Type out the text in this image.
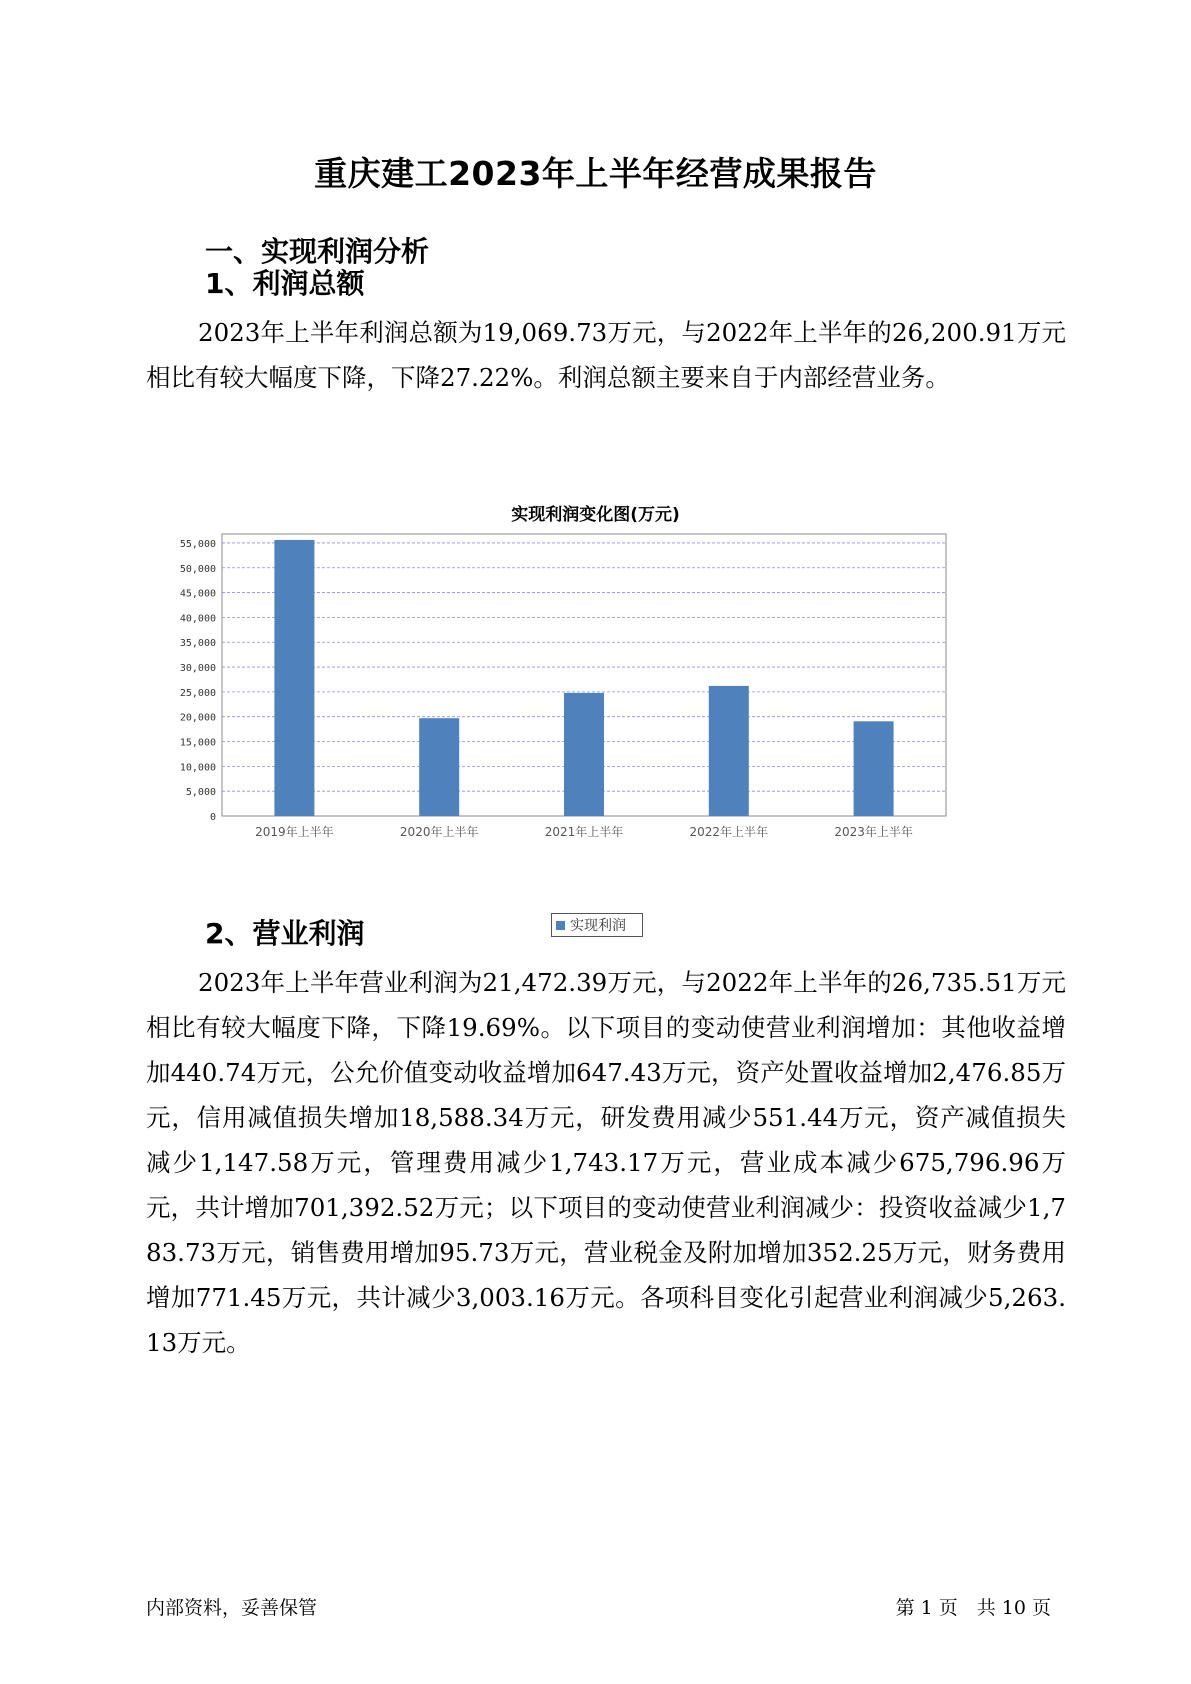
重庆建工2023年上半年经营成果报告
一、实现利润分析
1、利润总额
2023年上半年利润总额为19,069.73万元，与2022年上半年的26,200.91万元相比有较大幅度下降，下降27.22%。利润总额主要来自于内部经营业务。
实现利润变化图(万元)
0
5,000
10,000
15,000
20,000
25,000
30,000
35,000
40,000
45,000
50,000
55,000
2019年上半年	2020年上半年	2021年上半年	2022年上半年	2023年上半年
实现利润
2、营业利润
2023年上半年营业利润为21,472.39万元，与2022年上半年的26,735.51万元相比有较大幅度下降，下降19.69%。以下项目的变动使营业利润增加：其他收益增加440.74万元，公允价值变动收益增加647.43万元，资产处置收益增加2,476.85万元，信用减值损失增加18,588.34万元，研发费用减少551.44万元，资产减值损失减少1,147.58万元，管理费用减少1,743.17万元，营业成本减少675,796.96万元，共计增加701,392.52万元；以下项目的变动使营业利润减少：投资收益减少1,783.73万元，销售费用增加95.73万元，营业税金及附加增加352.25万元，财务费用增加771.45万元，共计减少3,003.16万元。各项科目变化引起营业利润减少5,263.13万元。
内部资料，妥善保管	第 1 页　共 10 页
